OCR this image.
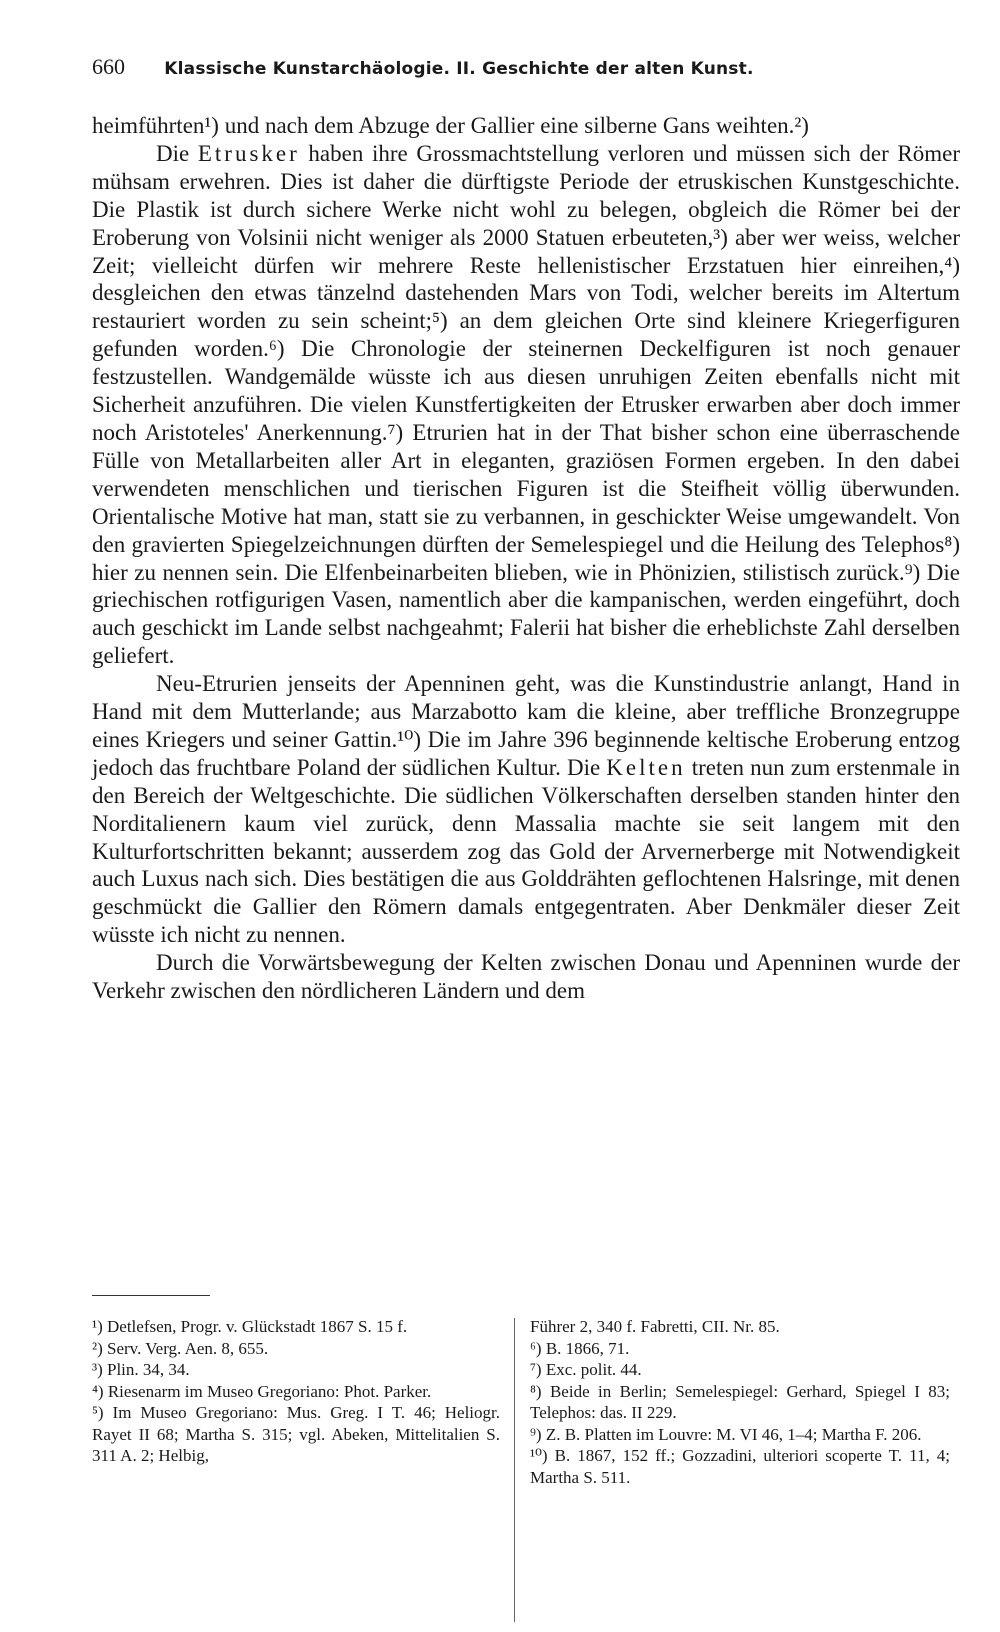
660 Klassische Kunstarchäologie. II. Geschichte der alten Kunst.

heimführten¹) und nach dem Abzuge der Gallier eine silberne Gans weihten.²)

Die Etrusker haben ihre Grossmachtstellung verloren und müssen sich der Römer mühsam erwehren. Dies ist daher die dürftigste Periode der etruskischen Kunstgeschichte. Die Plastik ist durch sichere Werke nicht wohl zu belegen, obgleich die Römer bei der Eroberung von Volsinii nicht weniger als 2000 Statuen erbeuteten,³) aber wer weiss, welcher Zeit; vielleicht dürfen wir mehrere Reste hellenistischer Erzstatuen hier einreihen,⁴) desgleichen den etwas tänzelnd dastehenden Mars von Todi, welcher bereits im Altertum restauriert worden zu sein scheint;⁵) an dem gleichen Orte sind kleinere Kriegerfiguren gefunden worden.⁶) Die Chronologie der steinernen Deckelfiguren ist noch genauer festzustellen. Wandgemälde wüsste ich aus diesen unruhigen Zeiten ebenfalls nicht mit Sicherheit anzuführen. Die vielen Kunstfertigkeiten der Etrusker erwarben aber doch immer noch Aristoteles' Anerkennung.⁷) Etrurien hat in der That bisher schon eine überraschende Fülle von Metallarbeiten aller Art in eleganten, graziösen Formen ergeben. In den dabei verwendeten menschlichen und tierischen Figuren ist die Steifheit völlig überwunden. Orientalische Motive hat man, statt sie zu verbannen, in geschickter Weise umgewandelt. Von den gravierten Spiegelzeichnungen dürften der Semelespiegel und die Heilung des Telephos⁸) hier zu nennen sein. Die Elfenbeinarbeiten blieben, wie in Phönizien, stilistisch zurück.⁹) Die griechischen rotfigurigen Vasen, namentlich aber die kampanischen, werden eingeführt, doch auch geschickt im Lande selbst nachgeahmt; Falerii hat bisher die erheblichste Zahl derselben geliefert.

Neu-Etrurien jenseits der Apenninen geht, was die Kunstindustrie anlangt, Hand in Hand mit dem Mutterlande; aus Marzabotto kam die kleine, aber treffliche Bronzegruppe eines Kriegers und seiner Gattin.¹⁰) Die im Jahre 396 beginnende keltische Eroberung entzog jedoch das fruchtbare Poland der südlichen Kultur. Die Kelten treten nun zum erstenmale in den Bereich der Weltgeschichte. Die südlichen Völkerschaften derselben standen hinter den Norditalienern kaum viel zurück, denn Massalia machte sie seit langem mit den Kulturfortschritten bekannt; ausserdem zog das Gold der Arvernerberge mit Notwendigkeit auch Luxus nach sich. Dies bestätigen die aus Golddrähten geflochtenen Halsringe, mit denen geschmückt die Gallier den Römern damals entgegentraten. Aber Denkmäler dieser Zeit wüsste ich nicht zu nennen.

Durch die Vorwärtsbewegung der Kelten zwischen Donau und Apenninen wurde der Verkehr zwischen den nördlicheren Ländern und dem

¹) Detlefsen, Progr. v. Glückstadt 1867 S. 15 f.

²) Serv. Verg. Aen. 8, 655.

³) Plin. 34, 34.

⁴) Riesenarm im Museo Gregoriano: Phot. Parker.

⁵) Im Museo Gregoriano: Mus. Greg. I T. 46; Heliogr. Rayet II 68; Martha S. 315; vgl. Abeken, Mittelitalien S. 311 A. 2; Helbig,

Führer 2, 340 f. Fabretti, CII. Nr. 85.

⁶) B. 1866, 71.

⁷) Exc. polit. 44.

⁸) Beide in Berlin; Semelespiegel: Gerhard, Spiegel I 83; Telephos: das. II 229.

⁹) Z. B. Platten im Louvre: M. VI 46, 1–4; Martha F. 206.

¹⁰) B. 1867, 152 ff.; Gozzadini, ulteriori scoperte T. 11, 4; Martha S. 511.
